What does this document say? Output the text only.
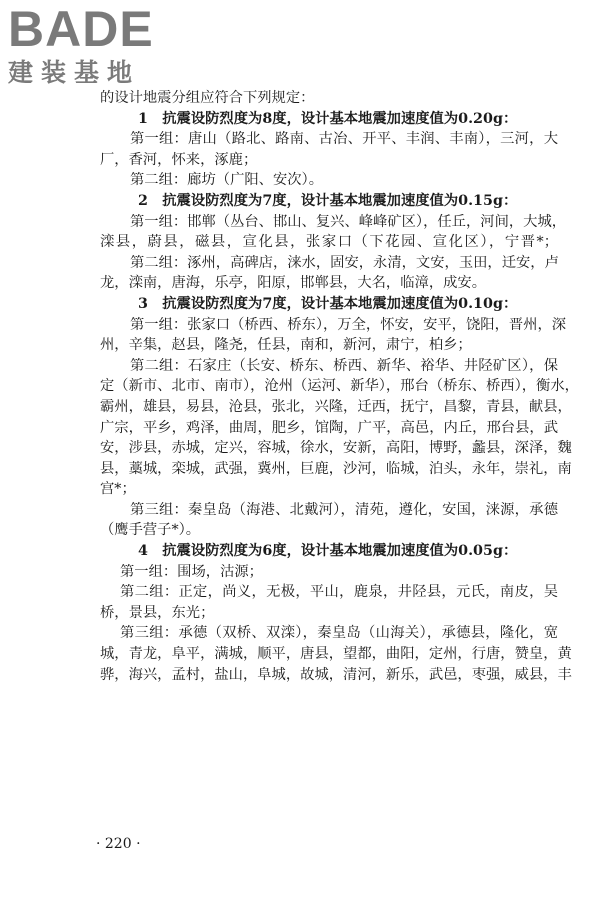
BADE
建装基地
的设计地震分组应符合下列规定：
1　抗震设防烈度为8度，设计基本地震加速度值为0.20g：
第一组：唐山（路北、路南、古冶、开平、丰润、丰南），三河，大
厂，香河，怀来，涿鹿；
第二组：廊坊（广阳、安次）。
2　抗震设防烈度为7度，设计基本地震加速度值为0.15g：
第一组：邯郸（丛台、邯山、复兴、峰峰矿区），任丘，河间，大城，
滦县，蔚县，磁县，宣化县，张家口（下花园、宣化区），宁晋*；
第二组：涿州，高碑店，涞水，固安，永清，文安，玉田，迁安，卢
龙，滦南，唐海，乐亭，阳原，邯郸县，大名，临漳，成安。
3　抗震设防烈度为7度，设计基本地震加速度值为0.10g：
第一组：张家口（桥西、桥东），万全，怀安，安平，饶阳，晋州，深
州，辛集，赵县，隆尧，任县，南和，新河，肃宁，柏乡；
第二组：石家庄（长安、桥东、桥西、新华、裕华、井陉矿区），保
定（新市、北市、南市），沧州（运河、新华），邢台（桥东、桥西），衡水，
霸州，雄县，易县，沧县，张北，兴隆，迁西，抚宁，昌黎，青县，献县，
广宗，平乡，鸡泽，曲周，肥乡，馆陶，广平，高邑，内丘，邢台县，武
安，涉县，赤城，定兴，容城，徐水，安新，高阳，博野，蠡县，深泽，魏
县，藁城，栾城，武强，冀州，巨鹿，沙河，临城，泊头，永年，崇礼，南
宫*；
第三组：秦皇岛（海港、北戴河），清苑，遵化，安国，涞源，承德
（鹰手营子*）。
4　抗震设防烈度为6度，设计基本地震加速度值为0.05g：
第一组：围场，沽源；
第二组：正定，尚义，无极，平山，鹿泉，井陉县，元氏，南皮，吴
桥，景县，东光；
第三组：承德（双桥、双滦），秦皇岛（山海关），承德县，隆化，宽
城，青龙，阜平，满城，顺平，唐县，望都，曲阳，定州，行唐，赞皇，黄
骅，海兴，孟村，盐山，阜城，故城，清河，新乐，武邑，枣强，威县，丰
· 220 ·
